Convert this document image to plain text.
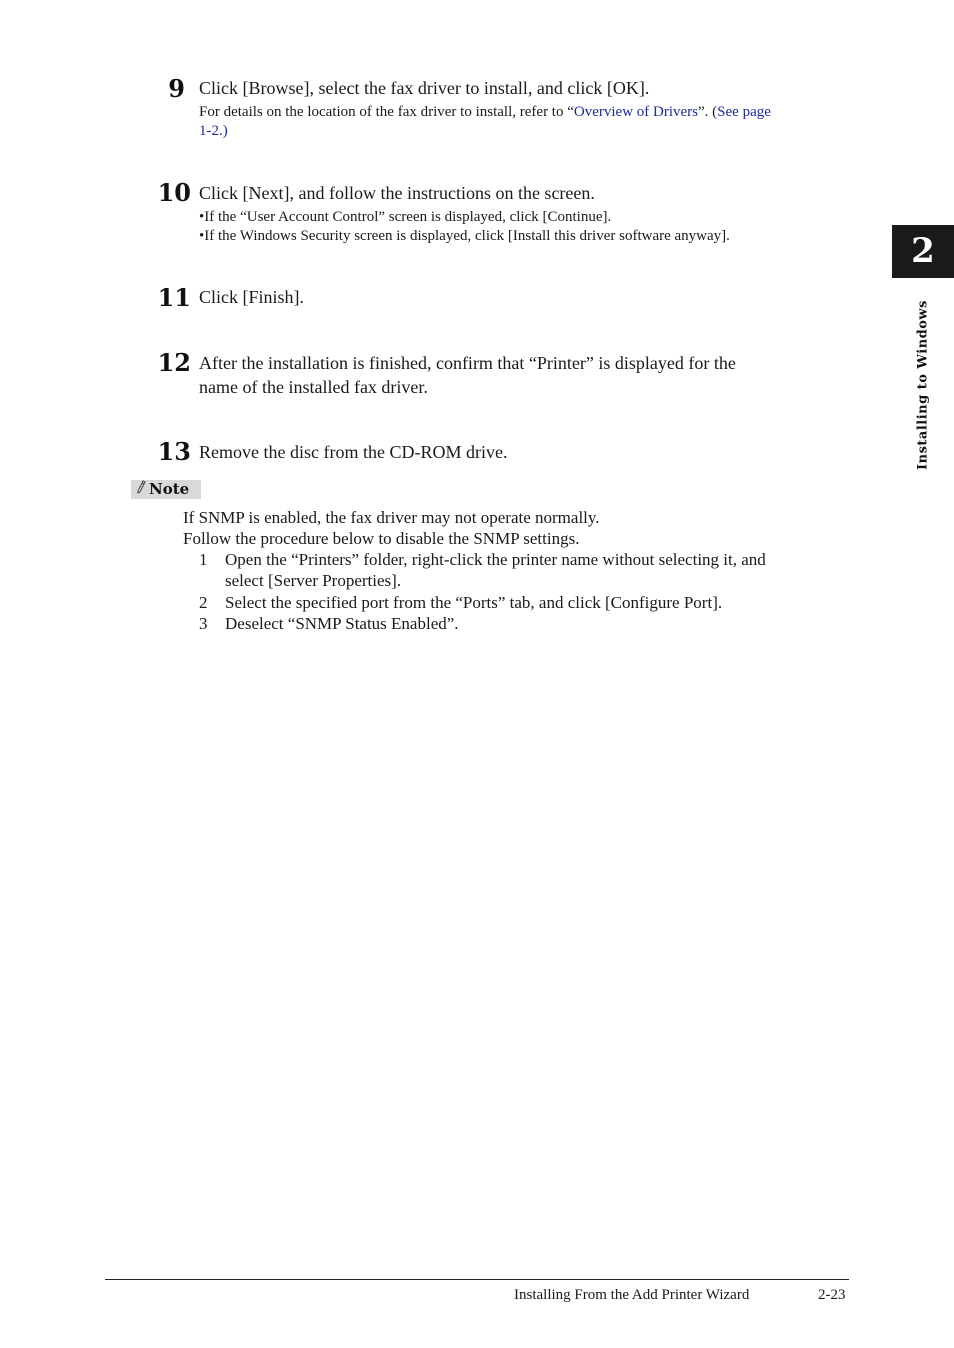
9 Click [Browse], select the fax driver to install, and click [OK].
For details on the location of the fax driver to install, refer to “Overview of Drivers”. (See page
1-2.)
10 Click [Next], and follow the instructions on the screen.
•If the “User Account Control” screen is displayed, click [Continue].
•If the Windows Security screen is displayed, click [Install this driver software anyway].
11 Click [Finish].
12 After the installation is finished, confirm that “Printer” is displayed for the
name of the installed fax driver.
13 Remove the disc from the CD-ROM drive.
Note
If SNMP is enabled, the fax driver may not operate normally.
Follow the procedure below to disable the SNMP settings.
1	Open the “Printers” folder, right-click the printer name without selecting it, and
select [Server Properties].
2	Select the specified port from the “Ports” tab, and click [Configure Port].
3	Deselect “SNMP Status Enabled”.
2
Installing to Windows
Installing From the Add Printer Wizard	2-23
